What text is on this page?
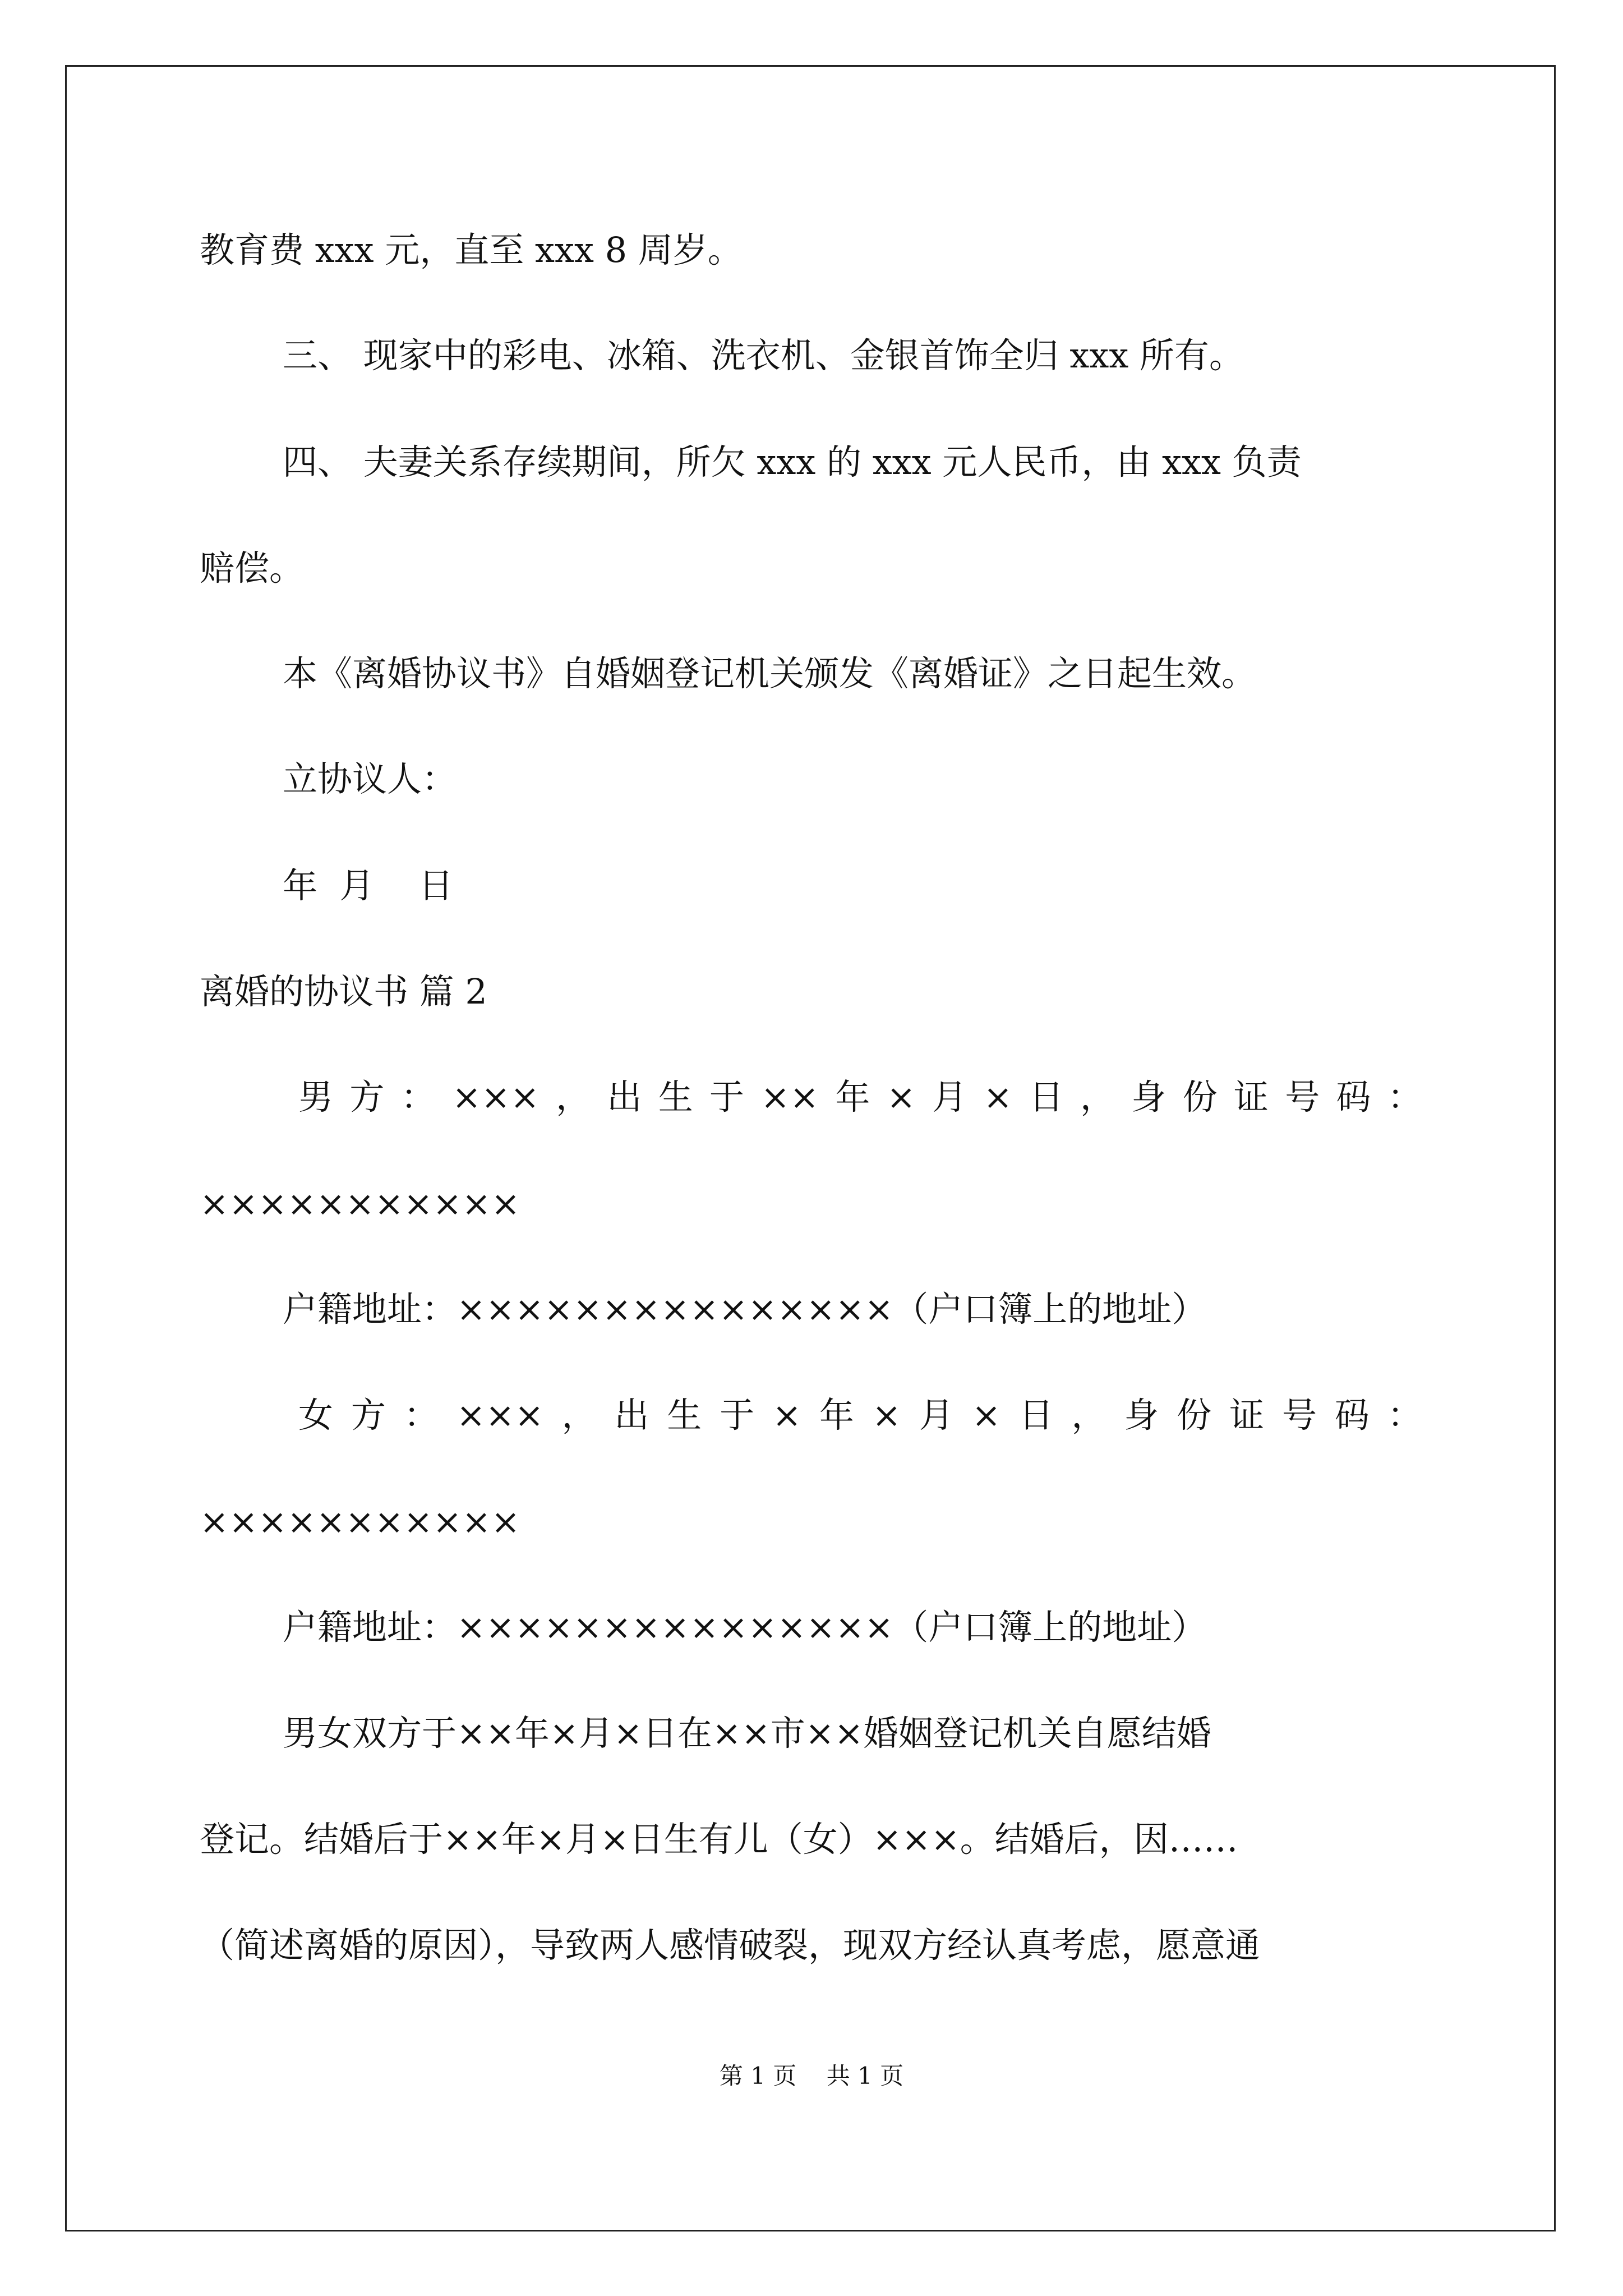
教育费 xxx 元，直至 xxx 8 周岁。
三、 现家中的彩电、冰箱、洗衣机、金银首饰全归 xxx 所有。
四、 夫妻关系存续期间，所欠 xxx 的 xxx 元人民币，由 xxx 负责
赔偿。
本《离婚协议书》自婚姻登记机关颁发《离婚证》之日起生效。
立协议人：
年  月    日
离婚的协议书 篇 2
男 方 ： ××× ， 出 生 于 ×× 年 × 月 × 日 ， 身 份 证 号 码 ：
×××××××××××
户籍地址：×××××××××××××××（户口簿上的地址）
女 方 ： ××× ， 出 生 于 × 年 × 月 × 日 ， 身 份 证 号 码 ：
×××××××××××
户籍地址：×××××××××××××××（户口簿上的地址）
男女双方于××年×月×日在××市××婚姻登记机关自愿结婚
登记。结婚后于××年×月×日生有儿（女）×××。结婚后，因……
（简述离婚的原因），导致两人感情破裂，现双方经认真考虑，愿意通
第 1 页    共 1 页
